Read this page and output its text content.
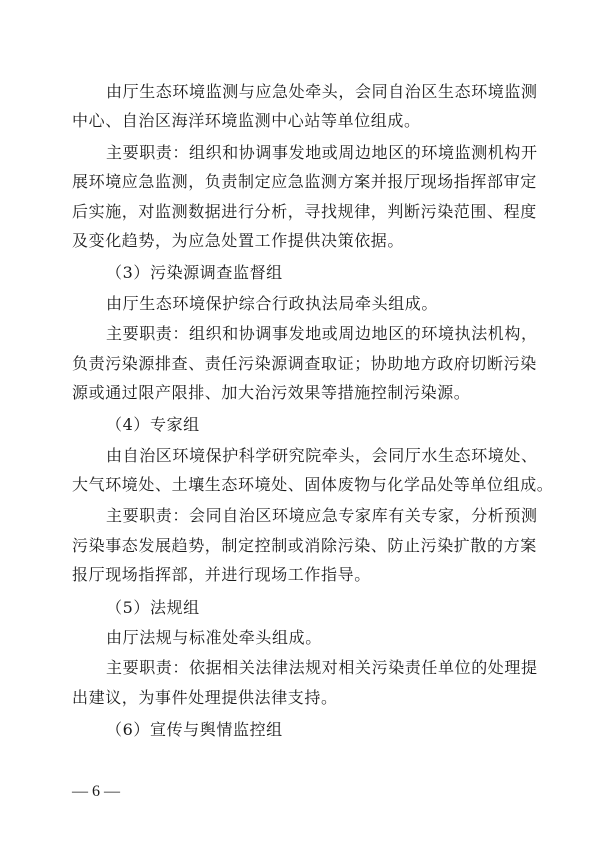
由厅生态环境监测与应急处牵头，会同自治区生态环境监测
中心、自治区海洋环境监测中心站等单位组成。
主要职责：组织和协调事发地或周边地区的环境监测机构开
展环境应急监测，负责制定应急监测方案并报厅现场指挥部审定
后实施，对监测数据进行分析，寻找规律，判断污染范围、程度
及变化趋势，为应急处置工作提供决策依据。
（3）污染源调查监督组
由厅生态环境保护综合行政执法局牵头组成。
主要职责：组织和协调事发地或周边地区的环境执法机构，
负责污染源排查、责任污染源调查取证；协助地方政府切断污染
源或通过限产限排、加大治污效果等措施控制污染源。
（4）专家组
由自治区环境保护科学研究院牵头，会同厅水生态环境处、
大气环境处、土壤生态环境处、固体废物与化学品处等单位组成。
主要职责：会同自治区环境应急专家库有关专家，分析预测
污染事态发展趋势，制定控制或消除污染、防止污染扩散的方案
报厅现场指挥部，并进行现场工作指导。
（5）法规组
由厅法规与标准处牵头组成。
主要职责：依据相关法律法规对相关污染责任单位的处理提
出建议，为事件处理提供法律支持。
（6）宣传与舆情监控组
— 6 —
